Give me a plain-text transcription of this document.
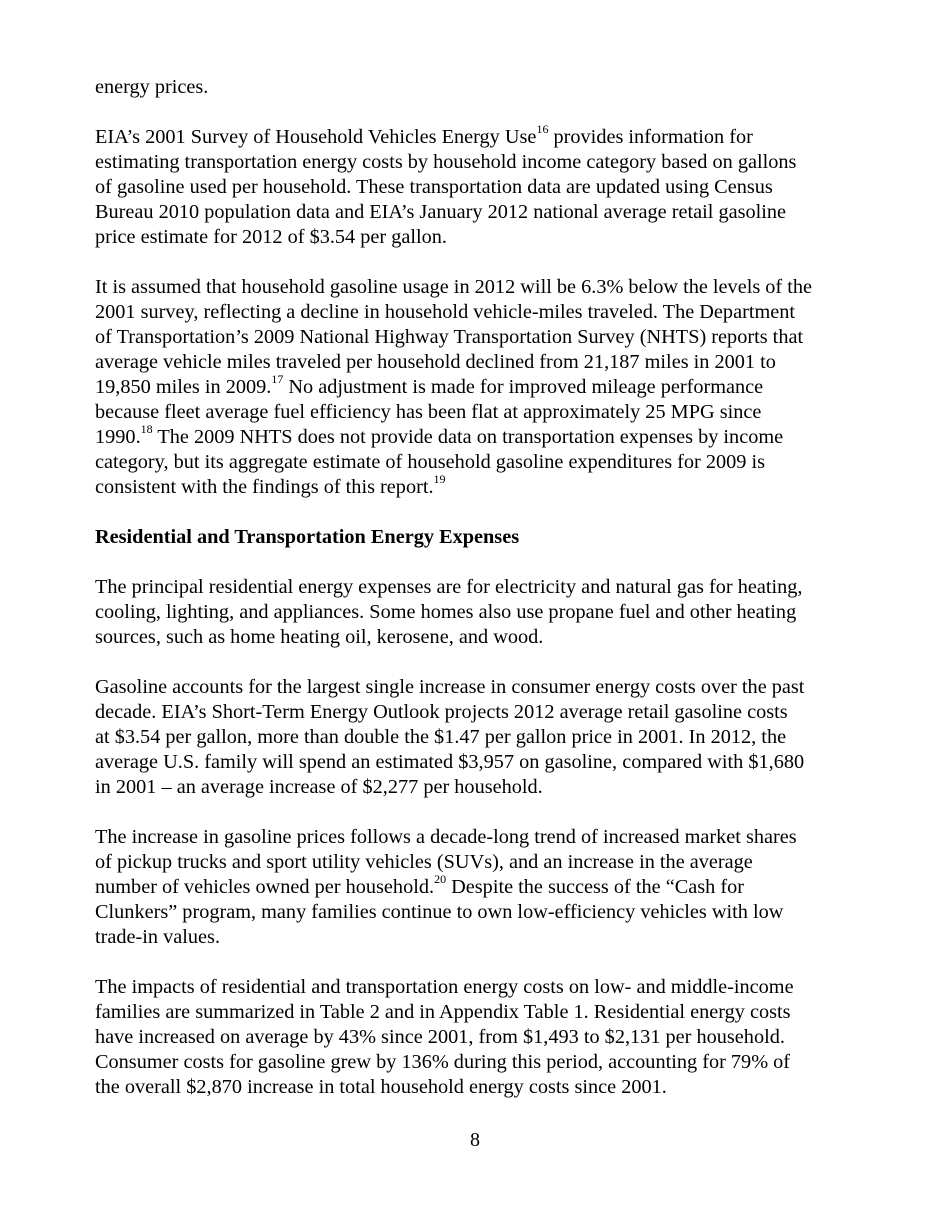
energy prices.
EIA’s 2001 Survey of Household Vehicles Energy Use$^{16}$ provides information for
estimating transportation energy costs by household income category based on gallons
of gasoline used per household. These transportation data are updated using Census
Bureau 2010 population data and EIA’s January 2012 national average retail gasoline
price estimate for 2012 of $3.54 per gallon.
It is assumed that household gasoline usage in 2012 will be 6.3% below the levels of the
2001 survey, reflecting a decline in household vehicle-miles traveled. The Department
of Transportation’s 2009 National Highway Transportation Survey (NHTS) reports that
average vehicle miles traveled per household declined from 21,187 miles in 2001 to
19,850 miles in 2009.17 No adjustment is made for improved mileage performance
because fleet average fuel efficiency has been flat at approximately 25 MPG since
1990.18 The 2009 NHTS does not provide data on transportation expenses by income
category, but its aggregate estimate of household gasoline expenditures for 2009 is
consistent with the findings of this report.$^{19}$
Residential and Transportation Energy Expenses
The principal residential energy expenses are for electricity and natural gas for heating,
cooling, lighting, and appliances. Some homes also use propane fuel and other heating
sources, such as home heating oil, kerosene, and wood.
Gasoline accounts for the largest single increase in consumer energy costs over the past
decade. EIA’s Short-Term Energy Outlook projects 2012 average retail gasoline costs
at $3.54 per gallon, more than double the $1.47 per gallon price in 2001. In 2012, the
average U.S. family will spend an estimated $3,957 on gasoline, compared with $1,680
in 2001 – an average increase of $2,277 per household.
The increase in gasoline prices follows a decade-long trend of increased market shares
of pickup trucks and sport utility vehicles (SUVs), and an increase in the average
number of vehicles owned per household.$^{20}$ Despite the success of the “Cash for
Clunkers” program, many families continue to own low-efficiency vehicles with low
trade-in values.
The impacts of residential and transportation energy costs on low- and middle-income
families are summarized in Table 2 and in Appendix Table 1. Residential energy costs
have increased on average by 43% since 2001, from $1,493 to $2,131 per household.
Consumer costs for gasoline grew by 136% during this period, accounting for 79% of
the overall $2,870 increase in total household energy costs since 2001.
8
